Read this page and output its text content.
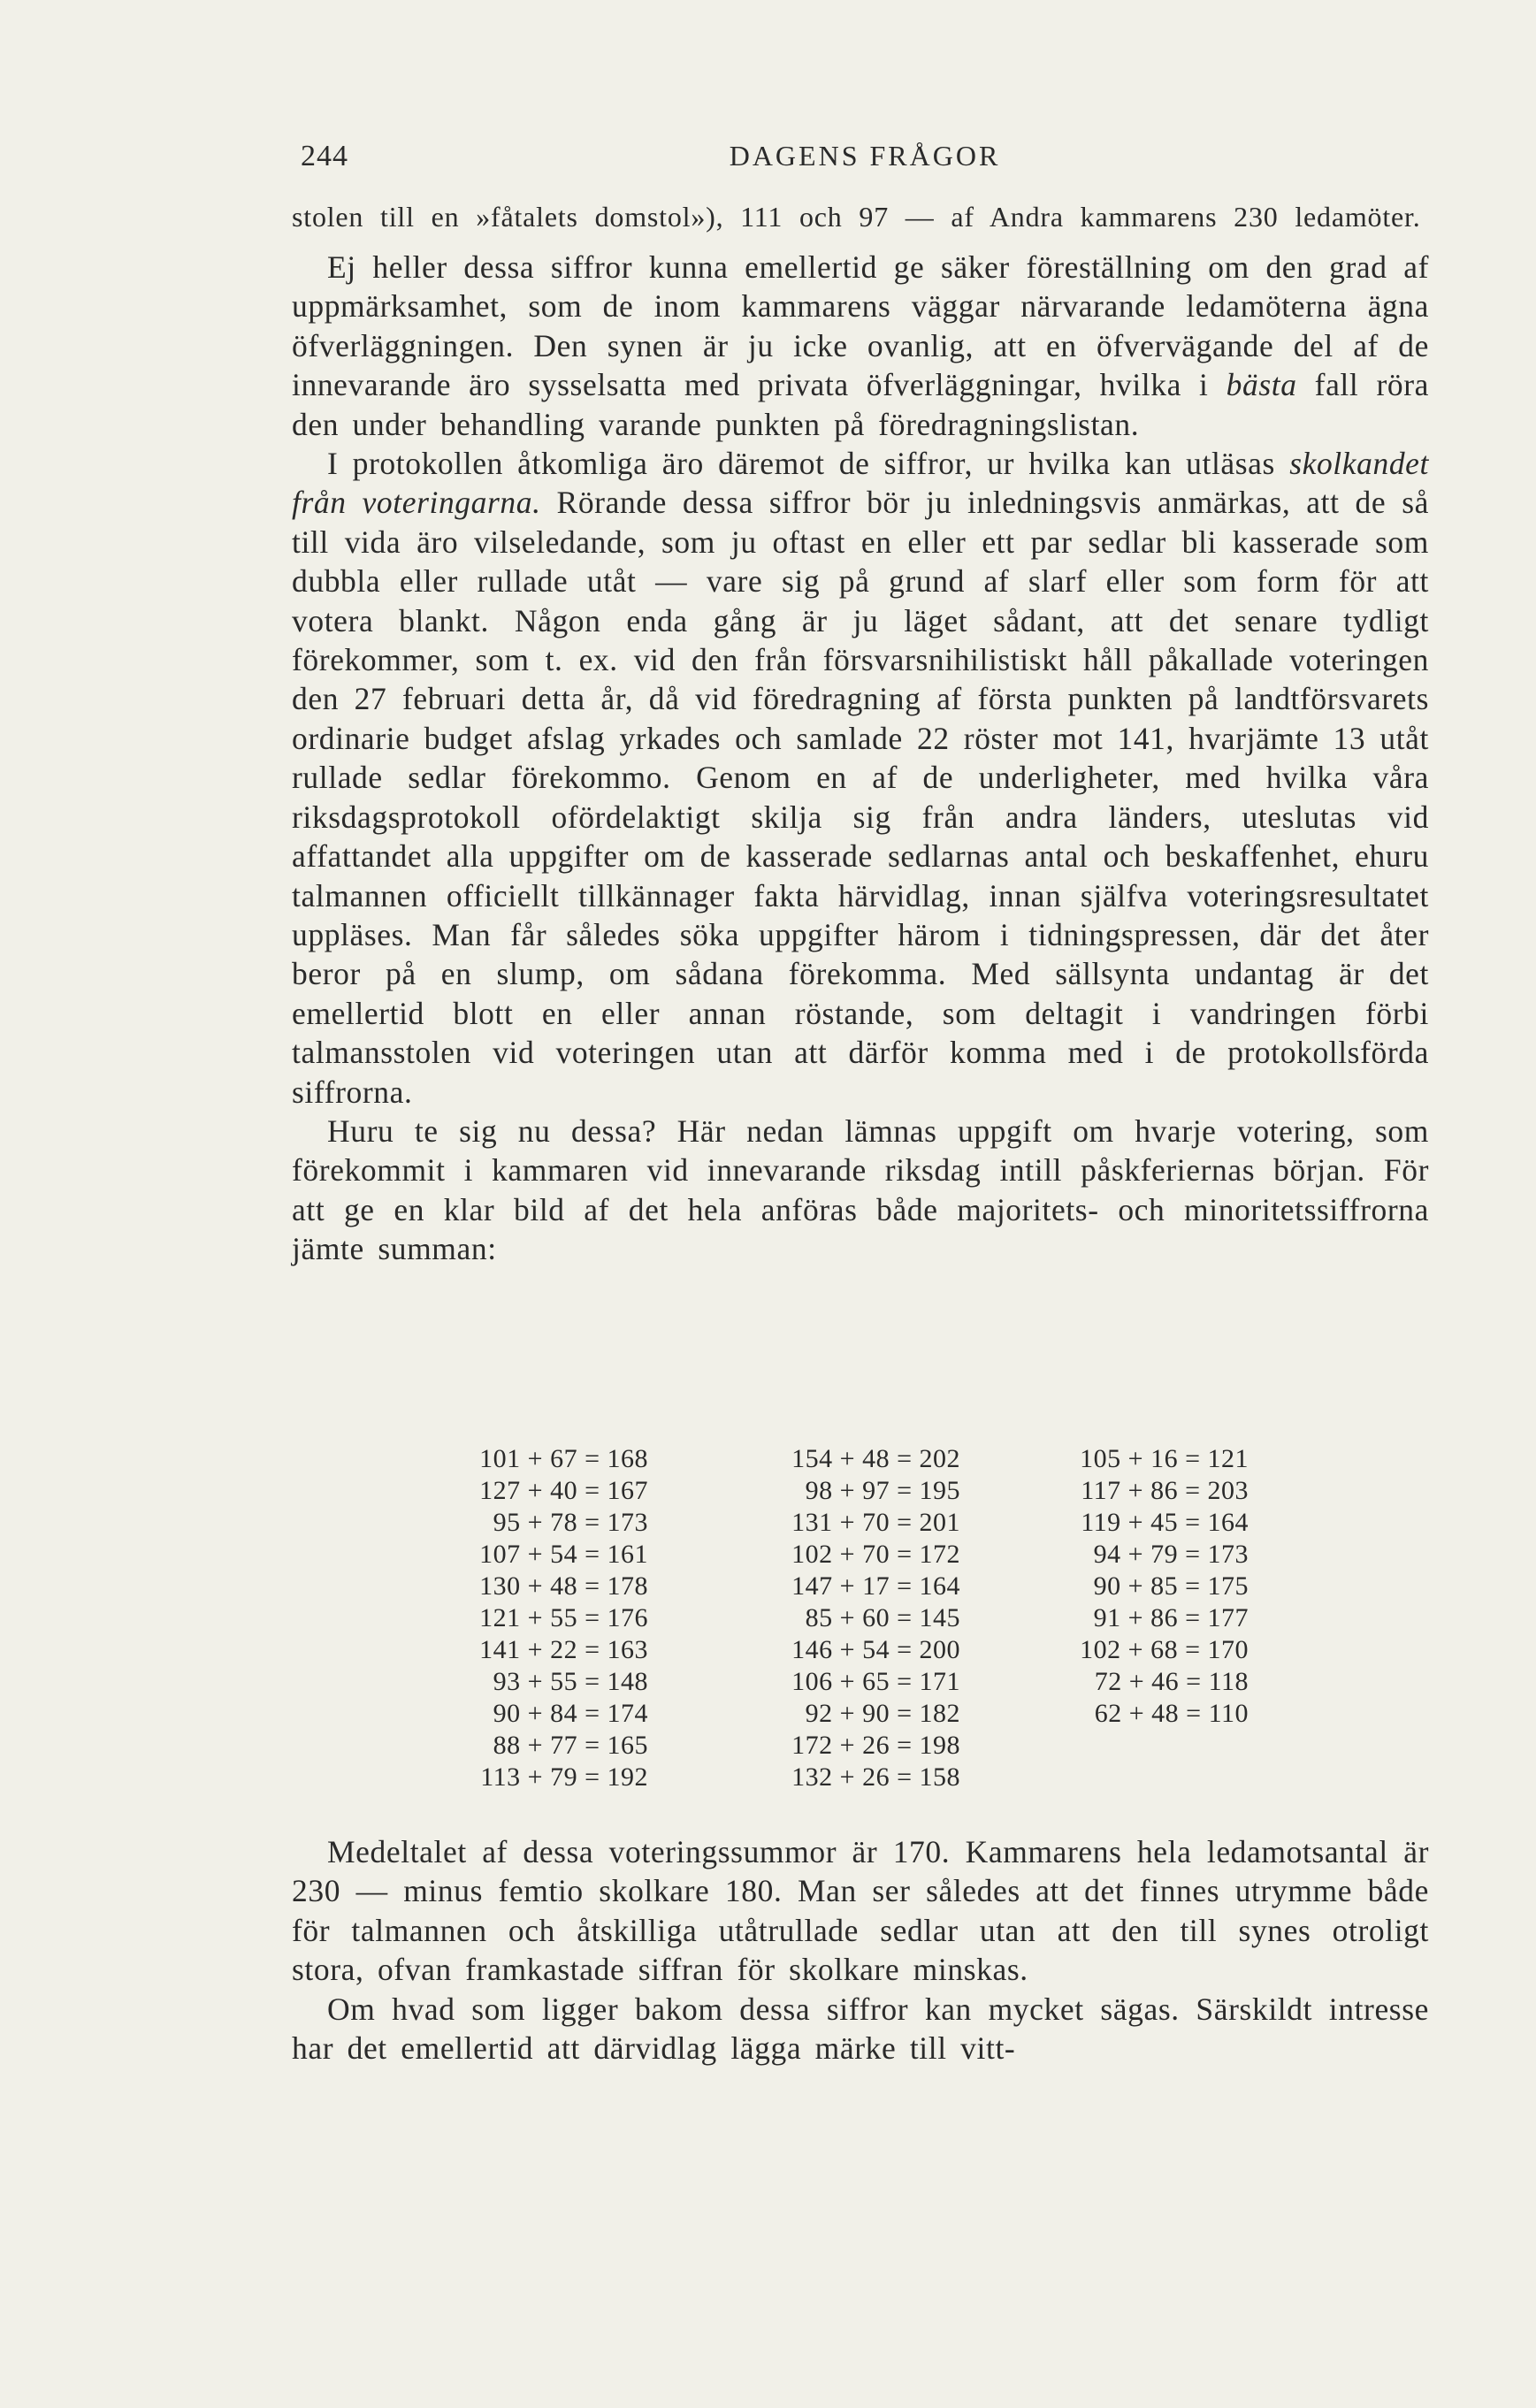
244	DAGENS FRÅGOR

stolen till en »fåtalets domstol»), 111 och 97 — af Andra kammarens 230 ledamöter.

Ej heller dessa siffror kunna emellertid ge säker föreställning om den grad af uppmärksamhet, som de inom kammarens väggar närvarande ledamöterna ägna öfverläggningen. Den synen är ju icke ovanlig, att en öfvervägande del af de innevarande äro sysselsatta med privata öfverläggningar, hvilka i bästa fall röra den under behandling varande punkten på föredragningslistan.

I protokollen åtkomliga äro däremot de siffror, ur hvilka kan utläsas skolkandet från voteringarna. Rörande dessa siffror bör ju inledningsvis anmärkas, att de så till vida äro vilseledande, som ju oftast en eller ett par sedlar bli kasserade som dubbla eller rullade utåt — vare sig på grund af slarf eller som form för att votera blankt. Någon enda gång är ju läget sådant, att det senare tydligt förekommer, som t. ex. vid den från försvarsnihilistiskt håll påkallade voteringen den 27 februari detta år, då vid föredragning af första punkten på landtförsvarets ordinarie budget afslag yrkades och samlade 22 röster mot 141, hvarjämte 13 utåt rullade sedlar förekommo. Genom en af de underligheter, med hvilka våra riksdagsprotokoll ofördelaktigt skilja sig från andra länders, uteslutas vid affattandet alla uppgifter om de kasserade sedlarnas antal och beskaffenhet, ehuru talmannen officiellt tillkännager fakta härvidlag, innan själfva voteringsresultatet uppläses. Man får således söka uppgifter härom i tidningspressen, där det åter beror på en slump, om sådana förekomma. Med sällsynta undantag är det emellertid blott en eller annan röstande, som deltagit i vandringen förbi talmansstolen vid voteringen utan att därför komma med i de protokollsförda siffrorna.

Huru te sig nu dessa? Här nedan lämnas uppgift om hvarje votering, som förekommit i kammaren vid innevarande riksdag intill påskferiernas början. För att ge en klar bild af det hela anföras både majoritets- och minoritetssiffrorna jämte summan:

101 + 67 = 168
127 + 40 = 167
95 + 78 = 173
107 + 54 = 161
130 + 48 = 178
121 + 55 = 176
141 + 22 = 163
93 + 55 = 148
90 + 84 = 174
88 + 77 = 165
113 + 79 = 192
154 + 48 = 202
98 + 97 = 195
131 + 70 = 201
102 + 70 = 172
147 + 17 = 164
85 + 60 = 145
146 + 54 = 200
106 + 65 = 171
92 + 90 = 182
172 + 26 = 198
132 + 26 = 158
105 + 16 = 121
117 + 86 = 203
119 + 45 = 164
94 + 79 = 173
90 + 85 = 175
91 + 86 = 177
102 + 68 = 170
72 + 46 = 118
62 + 48 = 110

Medeltalet af dessa voteringssummor är 170. Kammarens hela ledamotsantal är 230 — minus femtio skolkare 180. Man ser således att det finnes utrymme både för talmannen och åtskilliga utåtrullade sedlar utan att den till synes otroligt stora, ofvan framkastade siffran för skolkare minskas.

Om hvad som ligger bakom dessa siffror kan mycket sägas. Särskildt intresse har det emellertid att därvidlag lägga märke till vitt-
